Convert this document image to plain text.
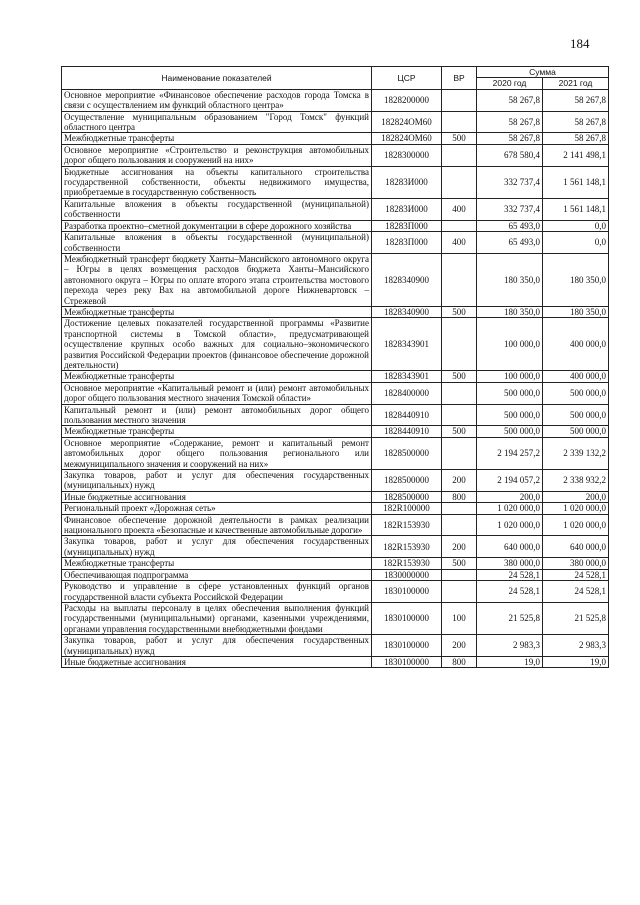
184
Наименование показателей	ЦСР	ВР	Сумма	
			2020 год	2021 год
Основное мероприятие «Финансовое обеспечение расходов города Томска в связи с осуществлением им функций областного центра»	1828200000		58 267,8	58 267,8
Осуществление муниципальным образованием "Город Томск" функций областного центра	182824ОМ60		58 267,8	58 267,8
Межбюджетные трансферты	182824ОМ60	500	58 267,8	58 267,8
Основное мероприятие «Строительство и реконструкция автомобильных дорог общего пользования и сооружений на них»	1828300000		678 580,4	2 141 498,1
Бюджетные ассигнования на объекты капитального строительства государственной собственности, объекты недвижимого имущества, приобретаемые в государственную собственность	18283И000		332 737,4	1 561 148,1
Капитальные вложения в объекты государственной (муниципальной) собственности	18283И000	400	332 737,4	1 561 148,1
Разработка проектно–сметной документации в сфере дорожного хозяйства	18283П000		65 493,0	0,0
Капитальные вложения в объекты государственной (муниципальной) собственности	18283П000	400	65 493,0	0,0
Межбюджетный трансферт бюджету Ханты–Мансийского автономного округа – Югры в целях возмещения расходов бюджета Ханты–Мансийского автономного округа – Югры по оплате второго этапа строительства мостового перехода через реку Вах на автомобильной дороге Нижневартовск – Стрежевой	1828340900		180 350,0	180 350,0
Межбюджетные трансферты	1828340900	500	180 350,0	180 350,0
Достижение целевых показателей государственной программы «Развитие транспортной системы в Томской области», предусматривающей осуществление крупных особо важных для социально–экономического развития Российской Федерации проектов (финансовое обеспечение дорожной деятельности)	1828343901		100 000,0	400 000,0
Межбюджетные трансферты	1828343901	500	100 000,0	400 000,0
Основное мероприятие «Капитальный ремонт и (или) ремонт автомобильных дорог общего пользования местного значения Томской области»	1828400000		500 000,0	500 000,0
Капитальный ремонт и (или) ремонт автомобильных дорог общего пользования местного значения	1828440910		500 000,0	500 000,0
Межбюджетные трансферты	1828440910	500	500 000,0	500 000,0
Основное мероприятие «Содержание, ремонт и капитальный ремонт автомобильных дорог общего пользования регионального или межмуниципального значения и сооружений на них»	1828500000		2 194 257,2	2 339 132,2
Закупка товаров, работ и услуг для обеспечения государственных (муниципальных) нужд	1828500000	200	2 194 057,2	2 338 932,2
Иные бюджетные ассигнования	1828500000	800	200,0	200,0
Региональный проект «Дорожная сеть»	182R100000		1 020 000,0	1 020 000,0
Финансовое обеспечение дорожной деятельности в рамках реализации национального проекта «Безопасные и качественные автомобильные дороги»	182R153930		1 020 000,0	1 020 000,0
Закупка товаров, работ и услуг для обеспечения государственных (муниципальных) нужд	182R153930	200	640 000,0	640 000,0
Межбюджетные трансферты	182R153930	500	380 000,0	380 000,0
Обеспечивающая подпрограмма	1830000000		24 528,1	24 528,1
Руководство и управление в сфере установленных функций органов государственной власти субъекта Российской Федерации	1830100000		24 528,1	24 528,1
Расходы на выплаты персоналу в целях обеспечения выполнения функций государственными (муниципальными) органами, казенными учреждениями, органами управления государственными внебюджетными фондами	1830100000	100	21 525,8	21 525,8
Закупка товаров, работ и услуг для обеспечения государственных (муниципальных) нужд	1830100000	200	2 983,3	2 983,3
Иные бюджетные ассигнования	1830100000	800	19,0	19,0
